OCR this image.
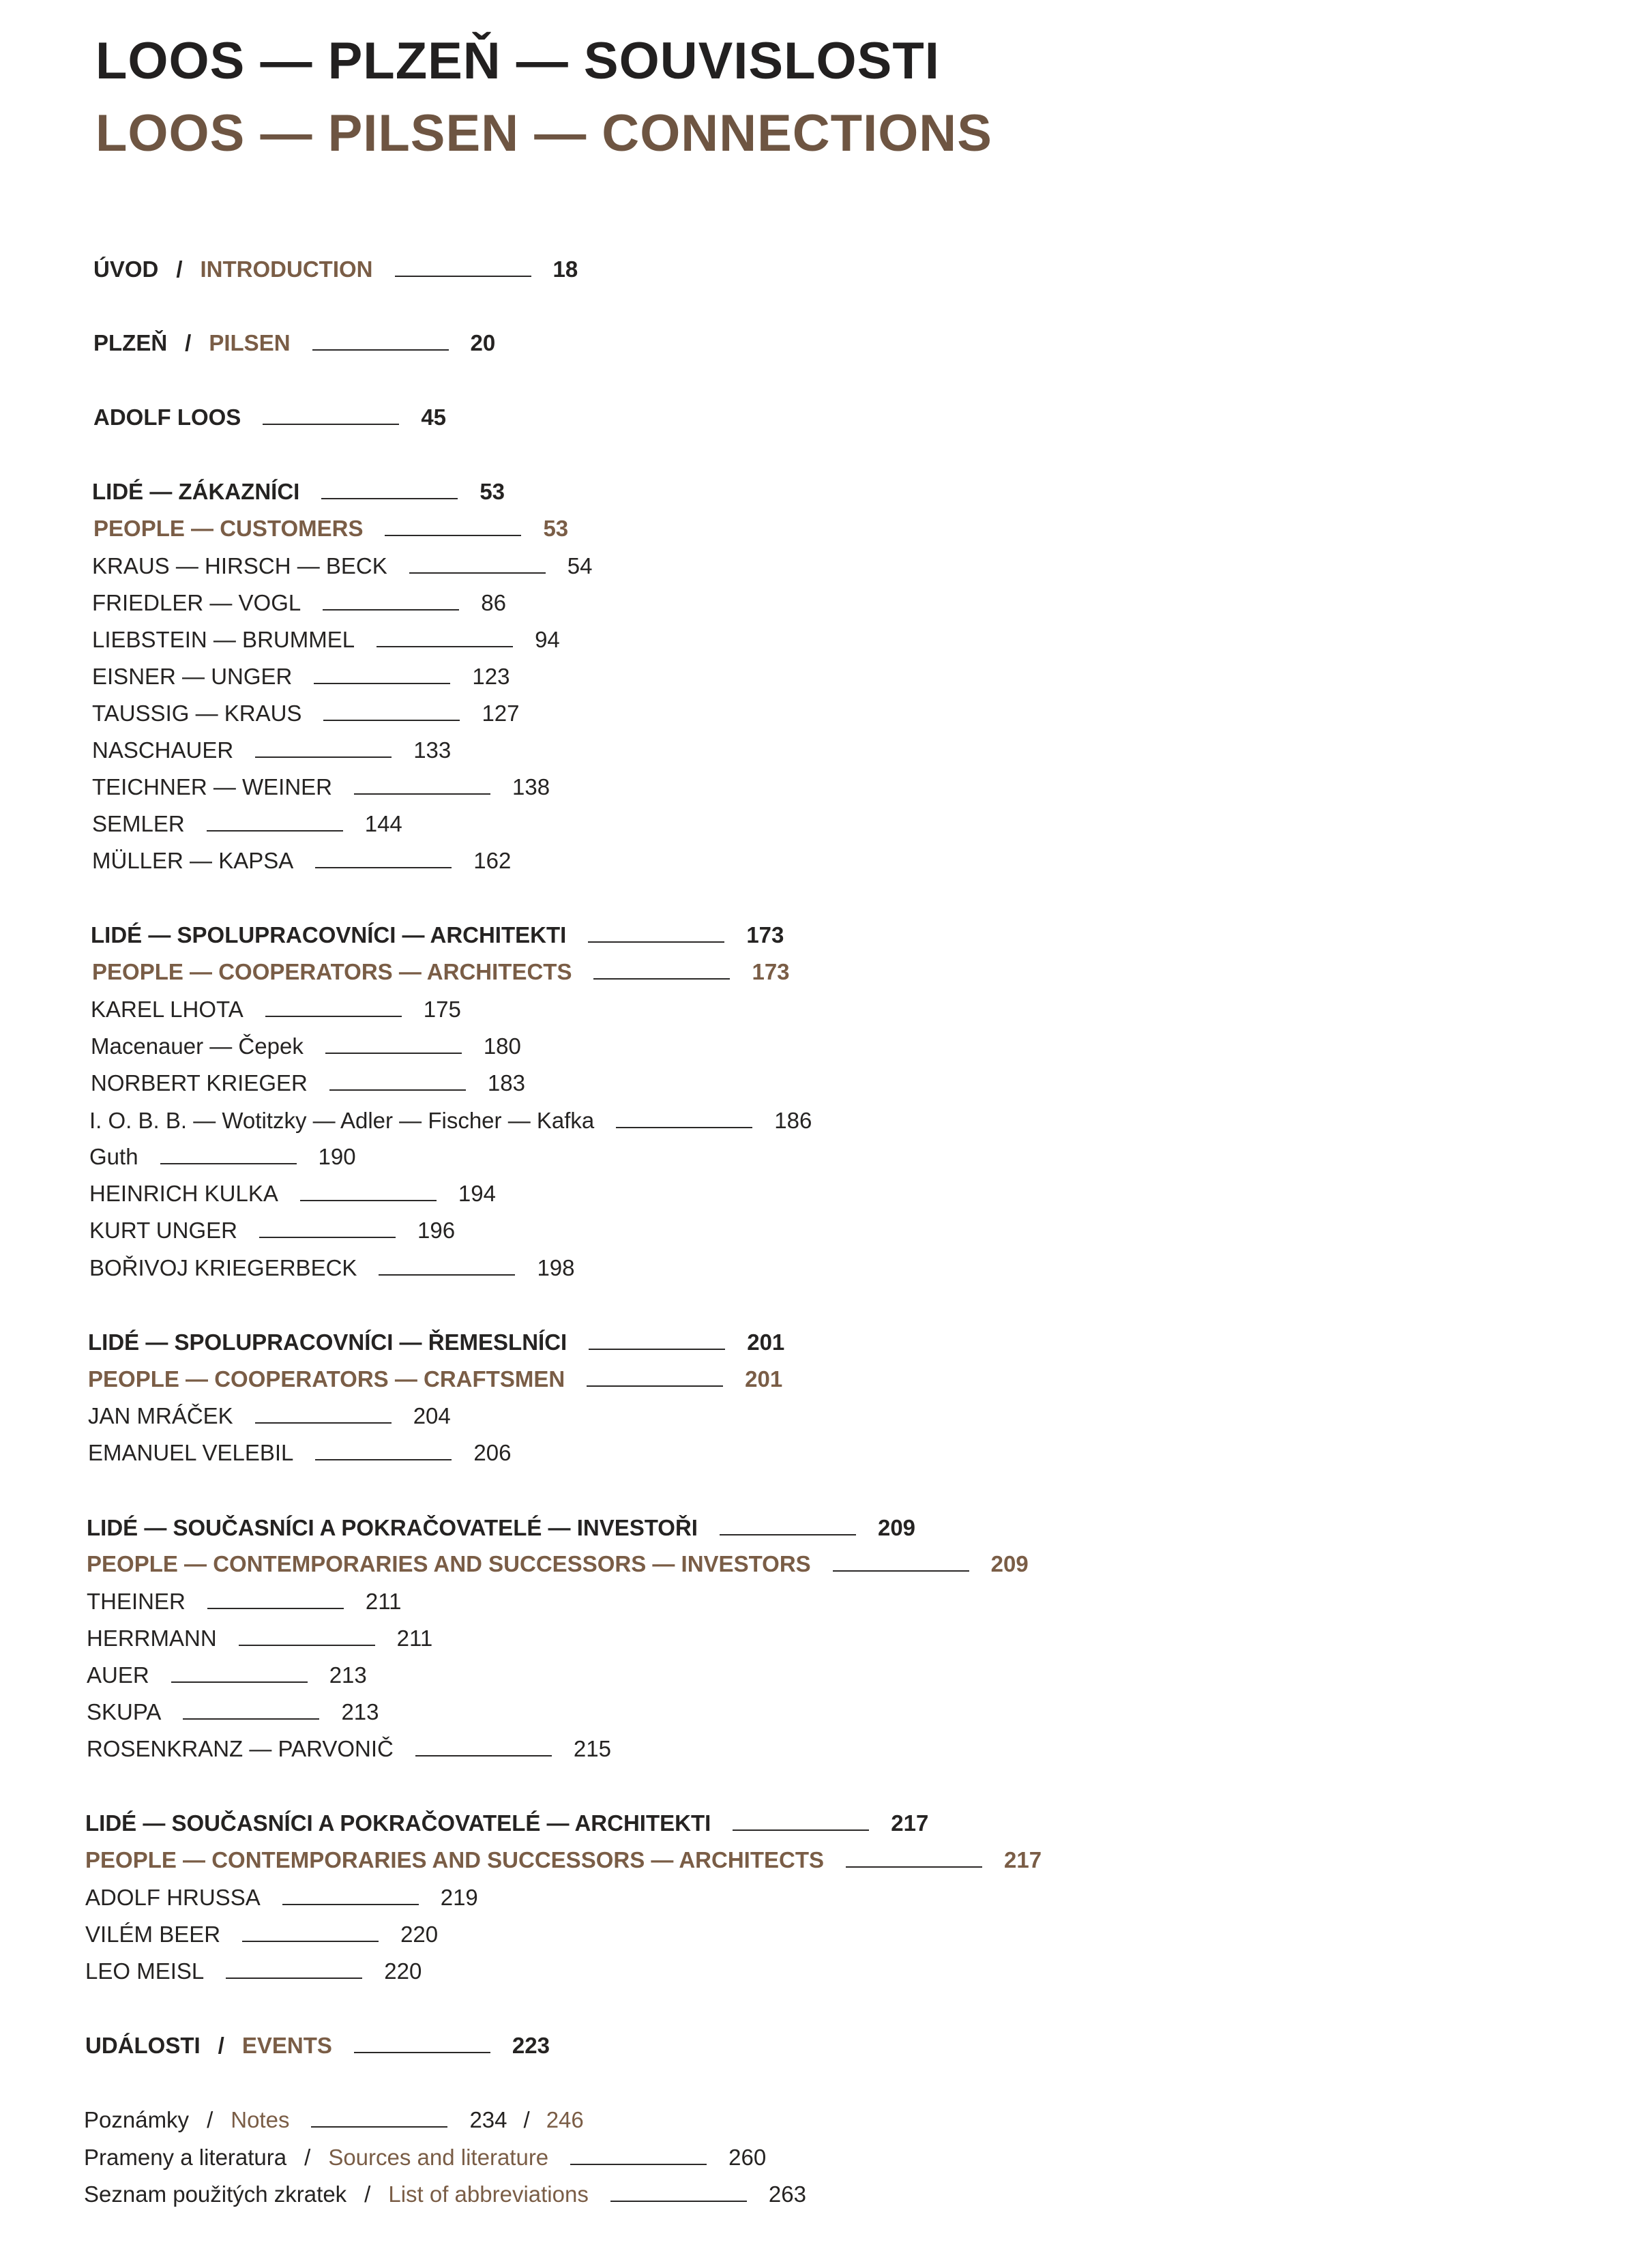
LOOS — PLZEŇ — SOUVISLOSTI
LOOS — PILSEN — CONNECTIONS
ÚVOD / INTRODUCTION	18
PLZEŇ / PILSEN	20
ADOLF LOOS	45
LIDÉ — ZÁKAZNÍCI	53
PEOPLE — CUSTOMERS	53
KRAUS — HIRSCH — BECK	54
FRIEDLER — VOGL	86
LIEBSTEIN — BRUMMEL	94
EISNER — UNGER	123
TAUSSIG — KRAUS	127
NASCHAUER	133
TEICHNER — WEINER	138
SEMLER	144
MÜLLER — KAPSA	162
LIDÉ — SPOLUPRACOVNÍCI — ARCHITEKTI	173
PEOPLE — COOPERATORS — ARCHITECTS	173
KAREL LHOTA	175
Macenauer — Čepek	180
NORBERT KRIEGER	183
I. O. B. B. — Wotitzky — Adler — Fischer — Kafka	186
Guth	190
HEINRICH KULKA	194
KURT UNGER	196
BOŘIVOJ KRIEGERBECK	198
LIDÉ — SPOLUPRACOVNÍCI — ŘEMESLNÍCI	201
PEOPLE — COOPERATORS — CRAFTSMEN	201
JAN MRÁČEK	204
EMANUEL VELEBIL	206
LIDÉ — SOUČASNÍCI A POKRAČOVATELÉ — INVESTOŘI	209
PEOPLE — CONTEMPORARIES AND SUCCESSORS — INVESTORS	209
THEINER	211
HERRMANN	211
AUER	213
SKUPA	213
ROSENKRANZ — PARVONIČ	215
LIDÉ — SOUČASNÍCI A POKRAČOVATELÉ — ARCHITEKTI	217
PEOPLE — CONTEMPORARIES AND SUCCESSORS — ARCHITECTS	217
ADOLF HRUSSA	219
VILÉM BEER	220
LEO MEISL	220
UDÁLOSTI / EVENTS	223
Poznámky / Notes	234 / 246
Prameny a literatura / Sources and literature	260
Seznam použitých zkratek / List of abbreviations	263
